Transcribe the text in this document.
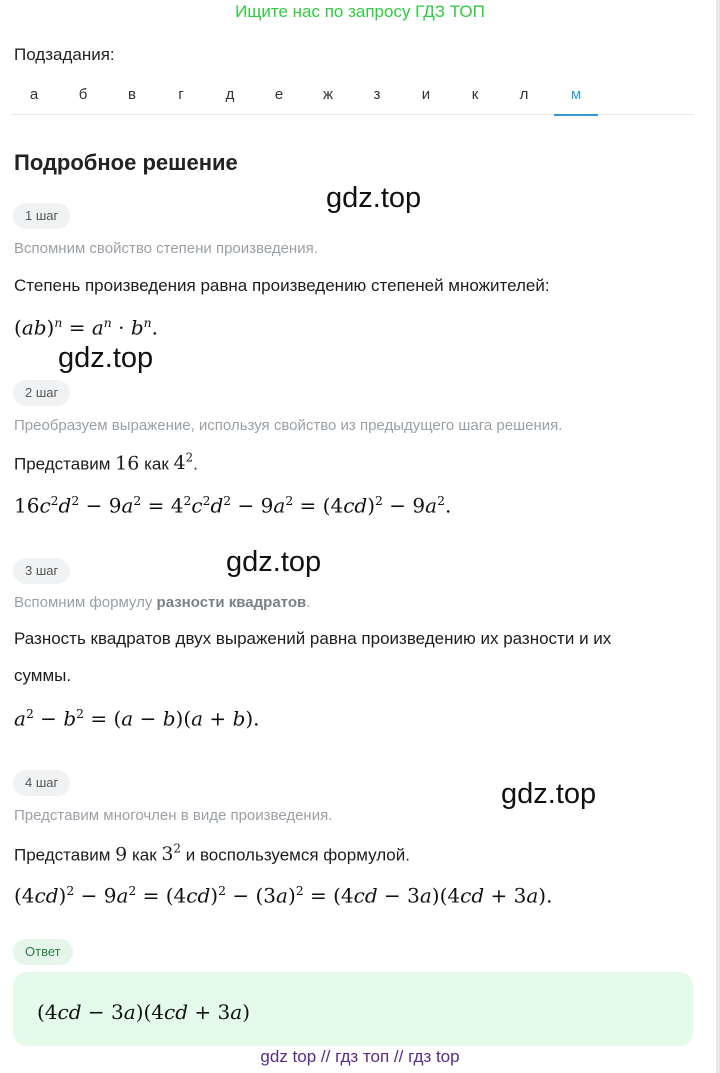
Ищите нас по запросу ГДЗ ТОП
Подзадания:
а	б	в	г	д	е	ж	з	и	к	л	м
Подробное решение
gdz.top
gdz.top
gdz.top
gdz.top
1 шаг
Вспомним свойство степени произведения.
Степень произведения равна произведению степеней множителей:
$(ab)^n = a^n \cdot b^n$.
2 шаг
Преобразуем выражение, используя свойство из предыдущего шага решения.
Представим 16 как $4^2$.
$16c^2d^2 - 9a^2 = 4^2c^2d^2 - 9a^2 = (4cd)^2 - 9a^2$.
3 шаг
Вспомним формулу разности квадратов.
Разность квадратов двух выражений равна произведению их разности и их
суммы.
$a^2 - b^2 = (a - b)(a + b)$.
4 шаг
Представим многочлен в виде произведения.
Представим 9 как $3^2$ и воспользуемся формулой.
$(4cd)^2 - 9a^2 = (4cd)^2 - (3a)^2 = (4cd - 3a)(4cd + 3a)$.
Ответ
(4cd − 3a)(4cd + 3a)
gdz top // гдз топ // гдз top
